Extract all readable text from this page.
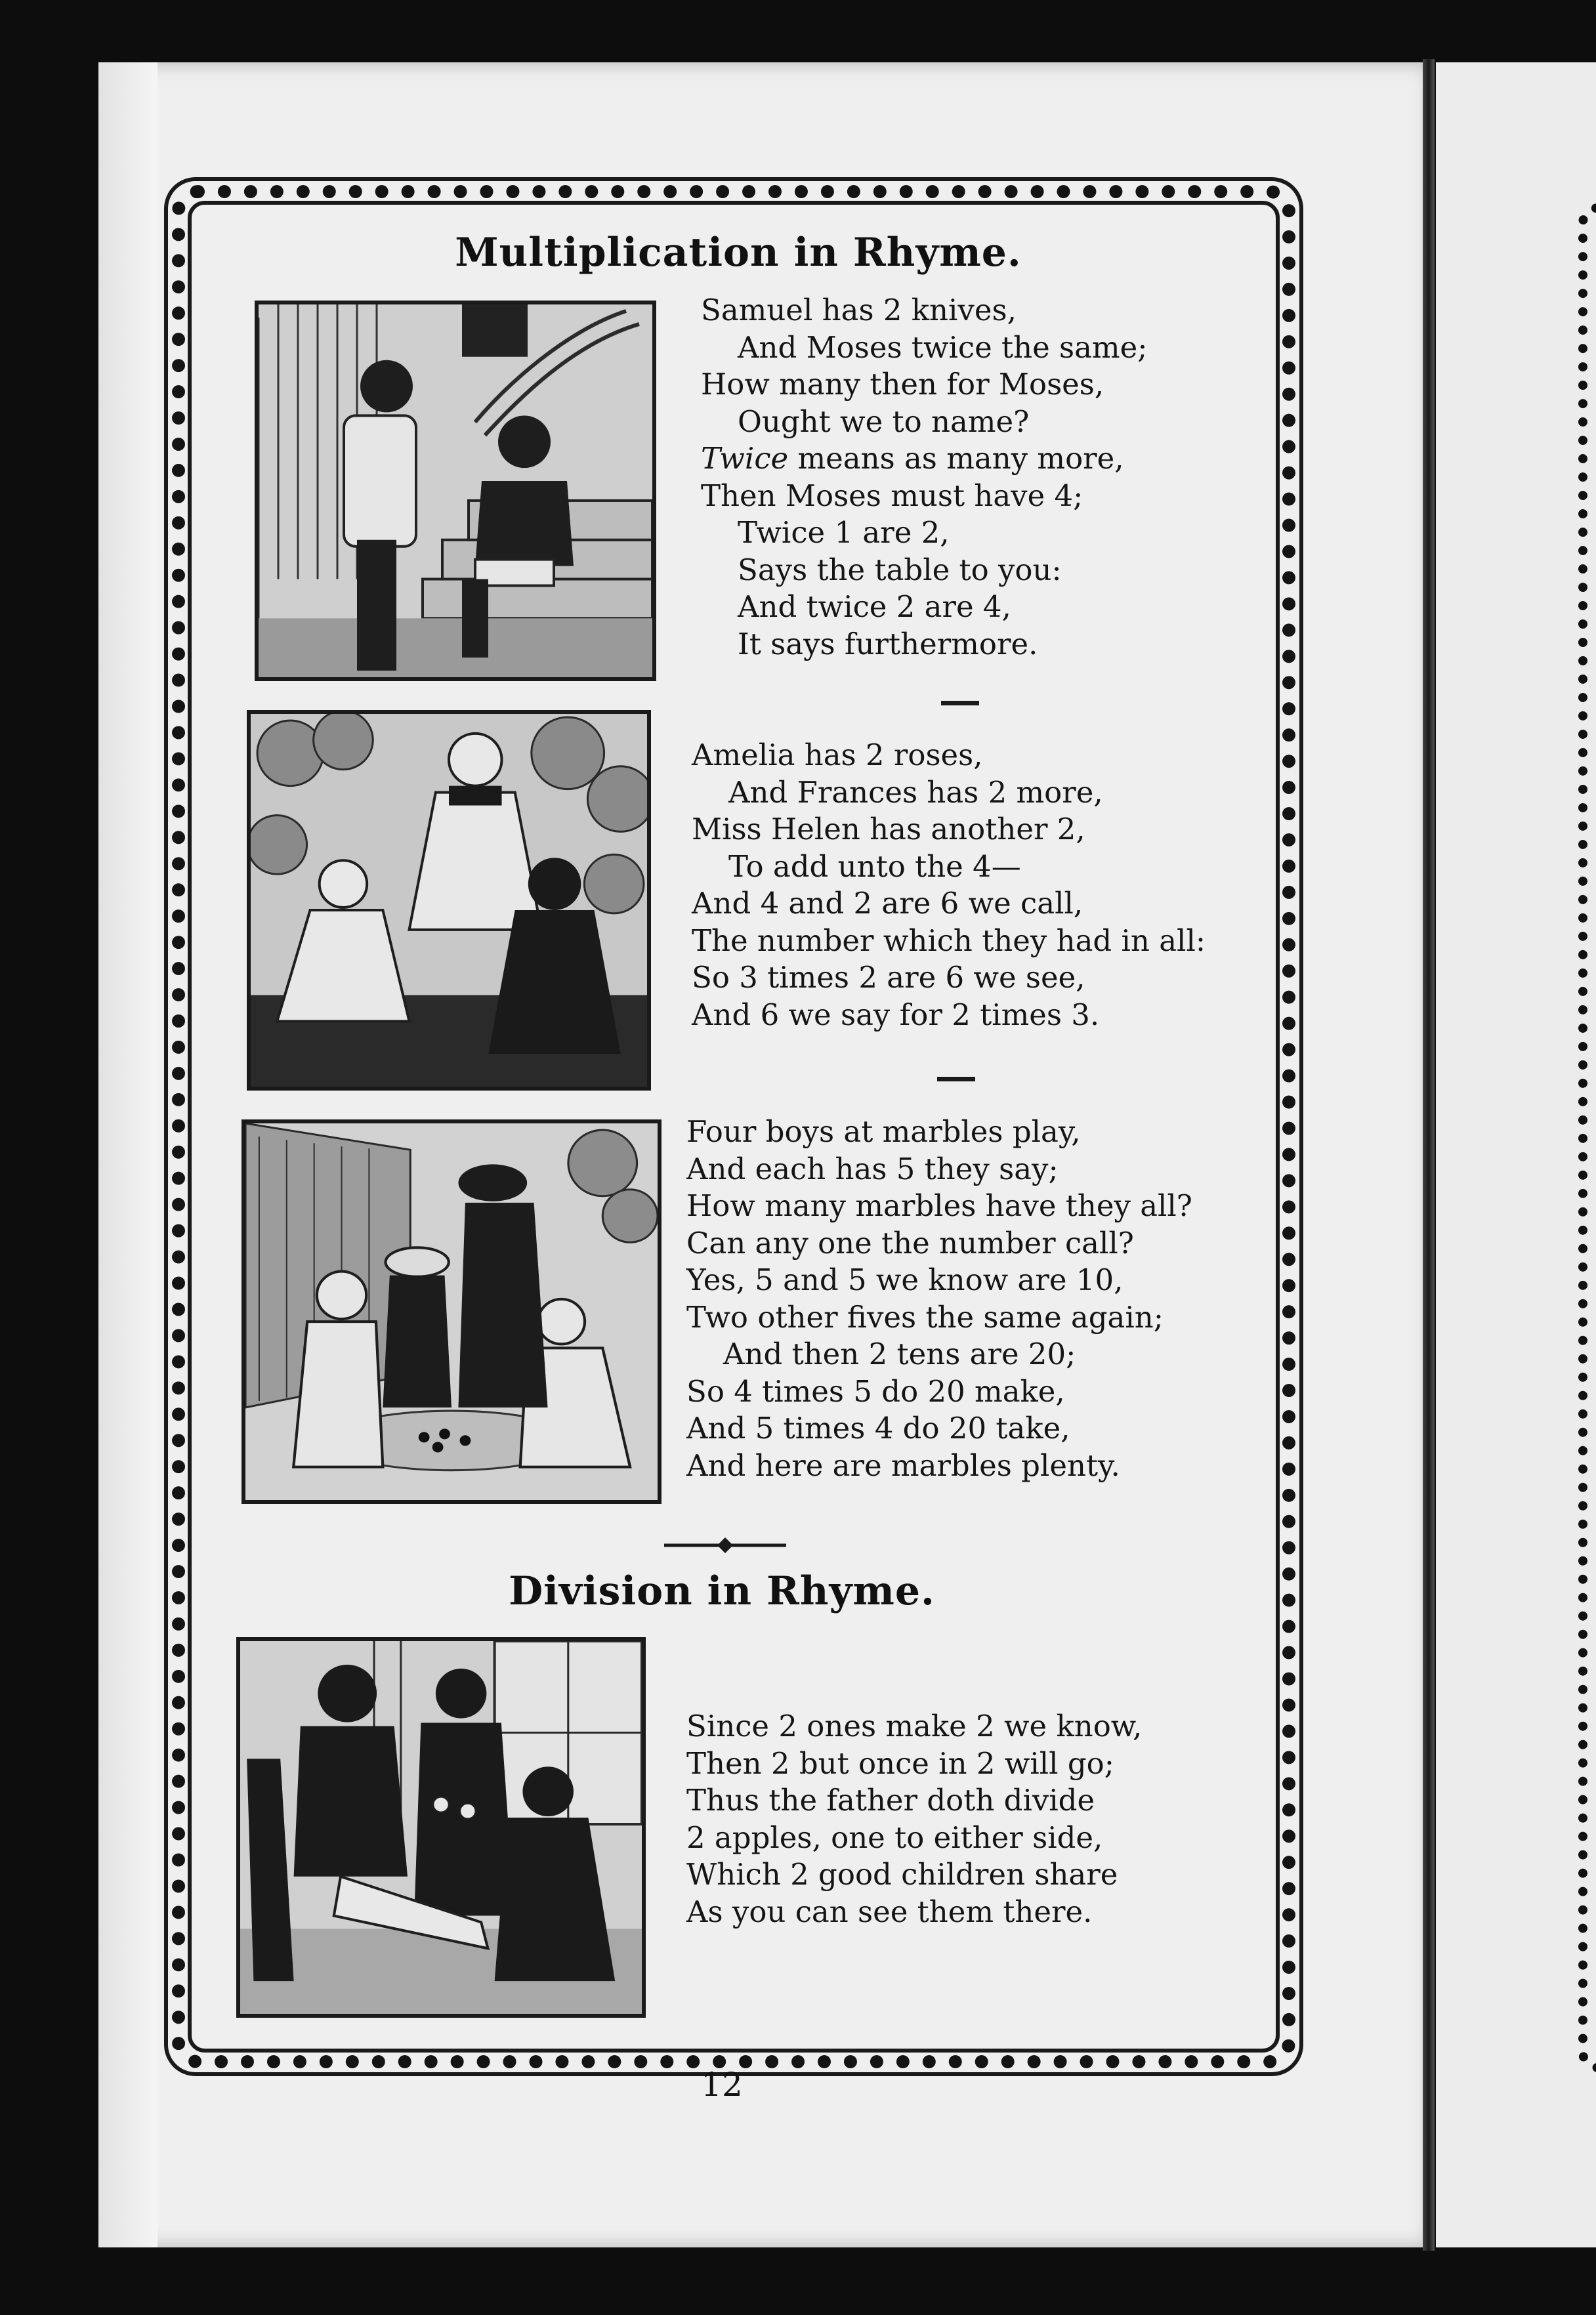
Multiplication in Rhyme.
Samuel has 2 knives,
And Moses twice the same;
How many then for Moses,
Ought we to name?
Twice means as many more,
Then Moses must have 4;
Twice 1 are 2,
Says the table to you:
And twice 2 are 4,
It says furthermore.
Amelia has 2 roses,
And Frances has 2 more,
Miss Helen has another 2,
To add unto the 4—
And 4 and 2 are 6 we call,
The number which they had in all:
So 3 times 2 are 6 we see,
And 6 we say for 2 times 3.
Four boys at marbles play,
And each has 5 they say;
How many marbles have they all?
Can any one the number call?
Yes, 5 and 5 we know are 10,
Two other fives the same again;
And then 2 tens are 20;
So 4 times 5 do 20 make,
And 5 times 4 do 20 take,
And here are marbles plenty.
Division in Rhyme.
Since 2 ones make 2 we know,
Then 2 but once in 2 will go;
Thus the father doth divide
2 apples, one to either side,
Which 2 good children share
As you can see them there.
12
